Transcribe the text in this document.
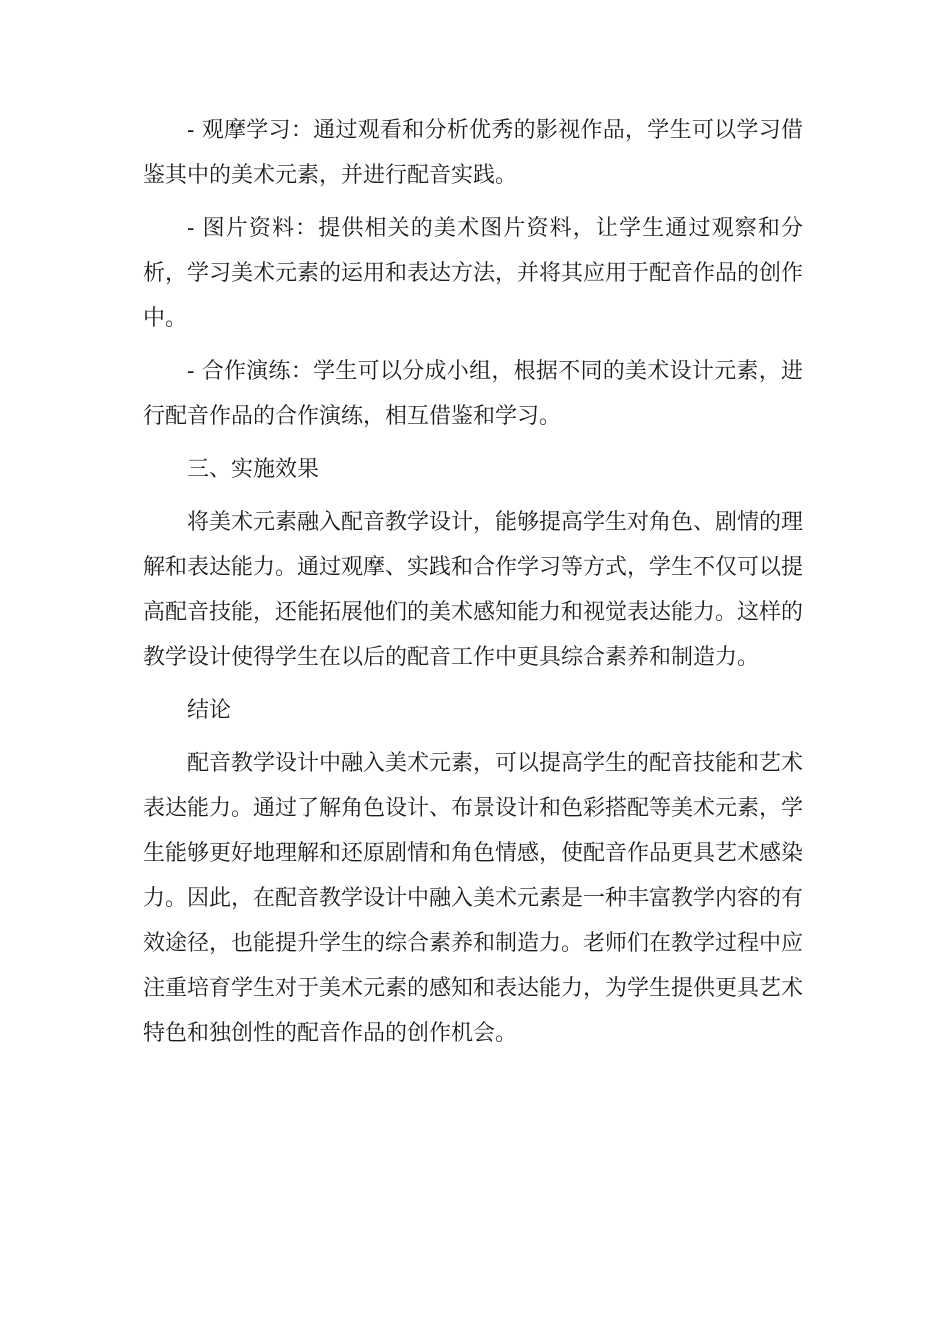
- 观摩学习：通过观看和分析优秀的影视作品，学生可以学习借鉴其中的美术元素，并进行配音实践。

- 图片资料：提供相关的美术图片资料，让学生通过观察和分析，学习美术元素的运用和表达方法，并将其应用于配音作品的创作中。

- 合作演练：学生可以分成小组，根据不同的美术设计元素，进行配音作品的合作演练，相互借鉴和学习。

三、实施效果

将美术元素融入配音教学设计，能够提高学生对角色、剧情的理解和表达能力。通过观摩、实践和合作学习等方式，学生不仅可以提高配音技能，还能拓展他们的美术感知能力和视觉表达能力。这样的教学设计使得学生在以后的配音工作中更具综合素养和制造力。

结论

配音教学设计中融入美术元素，可以提高学生的配音技能和艺术表达能力。通过了解角色设计、布景设计和色彩搭配等美术元素，学生能够更好地理解和还原剧情和角色情感，使配音作品更具艺术感染力。因此，在配音教学设计中融入美术元素是一种丰富教学内容的有效途径，也能提升学生的综合素养和制造力。老师们在教学过程中应注重培育学生对于美术元素的感知和表达能力，为学生提供更具艺术特色和独创性的配音作品的创作机会。
